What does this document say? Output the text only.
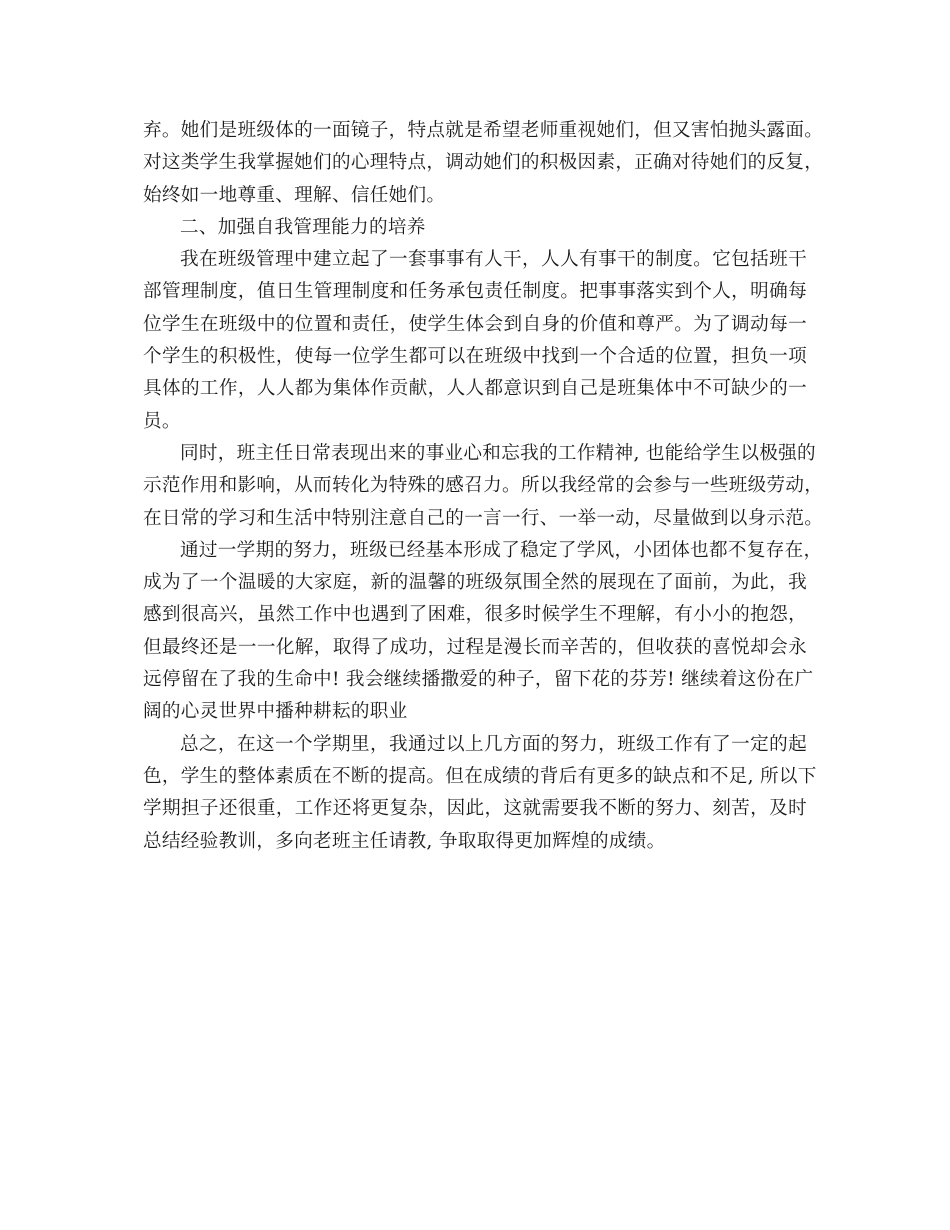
弃。她们是班级体的一面镜子，特点就是希望老师重视她们，但又害怕抛头露面。
对这类学生我掌握她们的心理特点，调动她们的积极因素，正确对待她们的反复，
始终如一地尊重、理解、信任她们。

二、加强自我管理能力的培养

我在班级管理中建立起了一套事事有人干，人人有事干的制度。它包括班干
部管理制度，值日生管理制度和任务承包责任制度。把事事落实到个人，明确每
位学生在班级中的位置和责任，使学生体会到自身的价值和尊严。为了调动每一
个学生的积极性，使每一位学生都可以在班级中找到一个合适的位置，担负一项
具体的工作，人人都为集体作贡献，人人都意识到自己是班集体中不可缺少的一
员。

同时，班主任日常表现出来的事业心和忘我的工作精神, 也能给学生以极强的
示范作用和影响，从而转化为特殊的感召力。所以我经常的会参与一些班级劳动，
在日常的学习和生活中特别注意自己的一言一行、一举一动，尽量做到以身示范。

通过一学期的努力，班级已经基本形成了稳定了学风，小团体也都不复存在，
成为了一个温暖的大家庭，新的温馨的班级氛围全然的展现在了面前，为此，我
感到很高兴，虽然工作中也遇到了困难，很多时候学生不理解，有小小的抱怨，
但最终还是一一化解，取得了成功，过程是漫长而辛苦的，但收获的喜悦却会永
远停留在了我的生命中! 我会继续播撒爱的种子，留下花的芬芳! 继续着这份在广
阔的心灵世界中播种耕耘的职业

总之，在这一个学期里，我通过以上几方面的努力，班级工作有了一定的起
色，学生的整体素质在不断的提高。但在成绩的背后有更多的缺点和不足, 所以下
学期担子还很重，工作还将更复杂，因此，这就需要我不断的努力、刻苦，及时
总结经验教训，多向老班主任请教, 争取取得更加辉煌的成绩。
